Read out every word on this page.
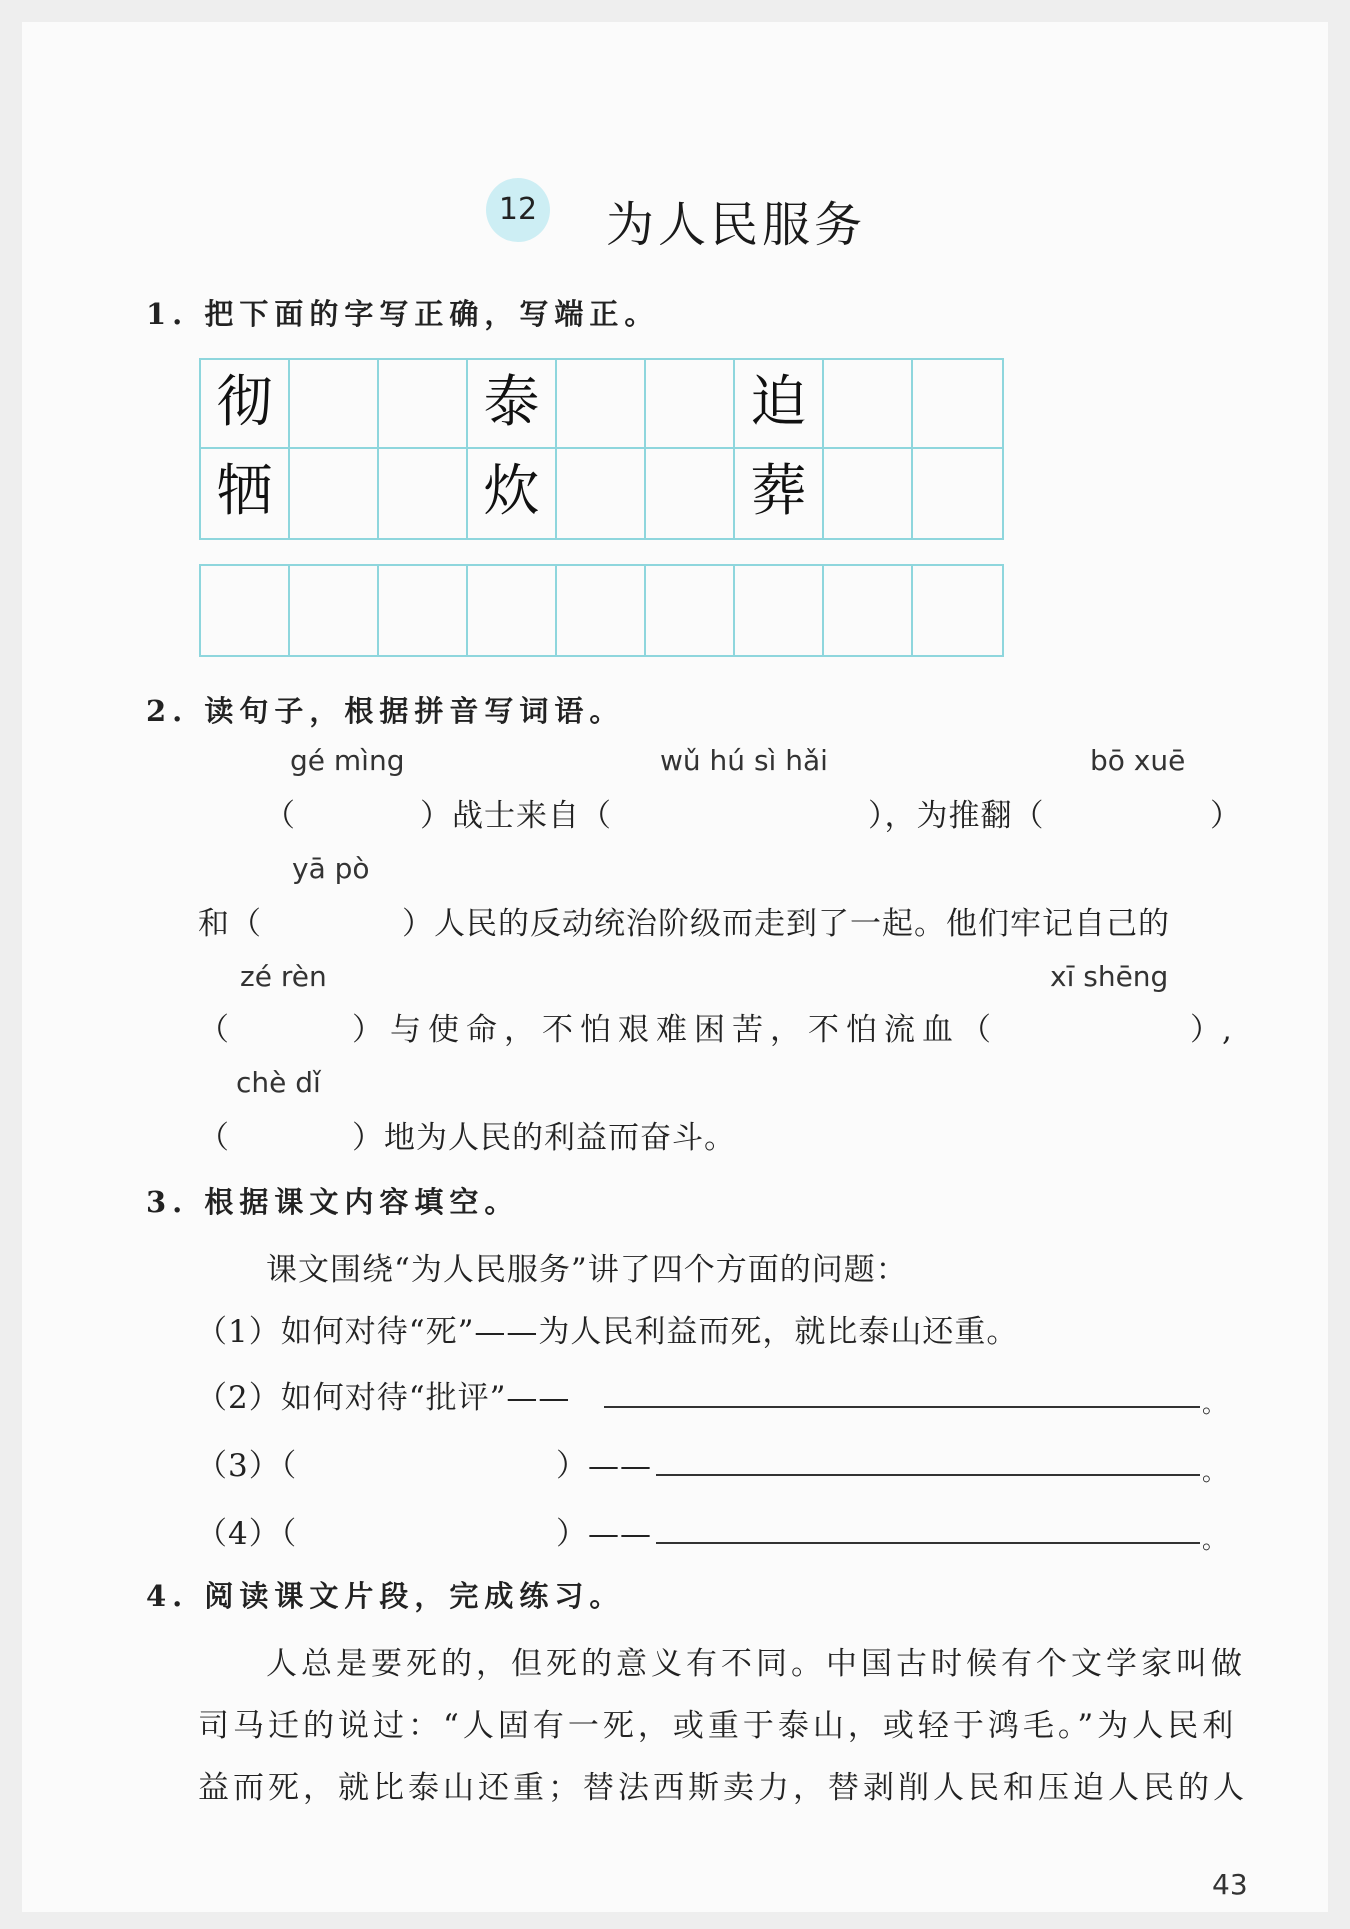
12 为人民服务
1. 把下面的字写正确，写端正。
彻	泰	迫
牺	炊	葬
2. 读句子，根据拼音写词语。
gé mìng	wǔ hú sì hǎi	bō xuē
（	）战士来自（	），为推翻（	）
yā pò
和（	）人民的反动统治阶级而走到了一起。他们牢记自己的
zé rèn	xī shēng
（	）与使命，不怕艰难困苦，不怕流血（	）,
chè dǐ
（	）地为人民的利益而奋斗。
3. 根据课文内容填空。
课文围绕“为人民服务”讲了四个方面的问题：
（1）如何对待“死”——为人民利益而死，就比泰山还重。
（2）如何对待“批评”——	。
（3）（	）——	。
（4）（	）——	。
4. 阅读课文片段，完成练习。
人总是要死的，但死的意义有不同。中国古时候有个文学家叫做
司马迁的说过：“人固有一死，或重于泰山，或轻于鸿毛。”为人民利
益而死，就比泰山还重；替法西斯卖力，替剥削人民和压迫人民的人
43
